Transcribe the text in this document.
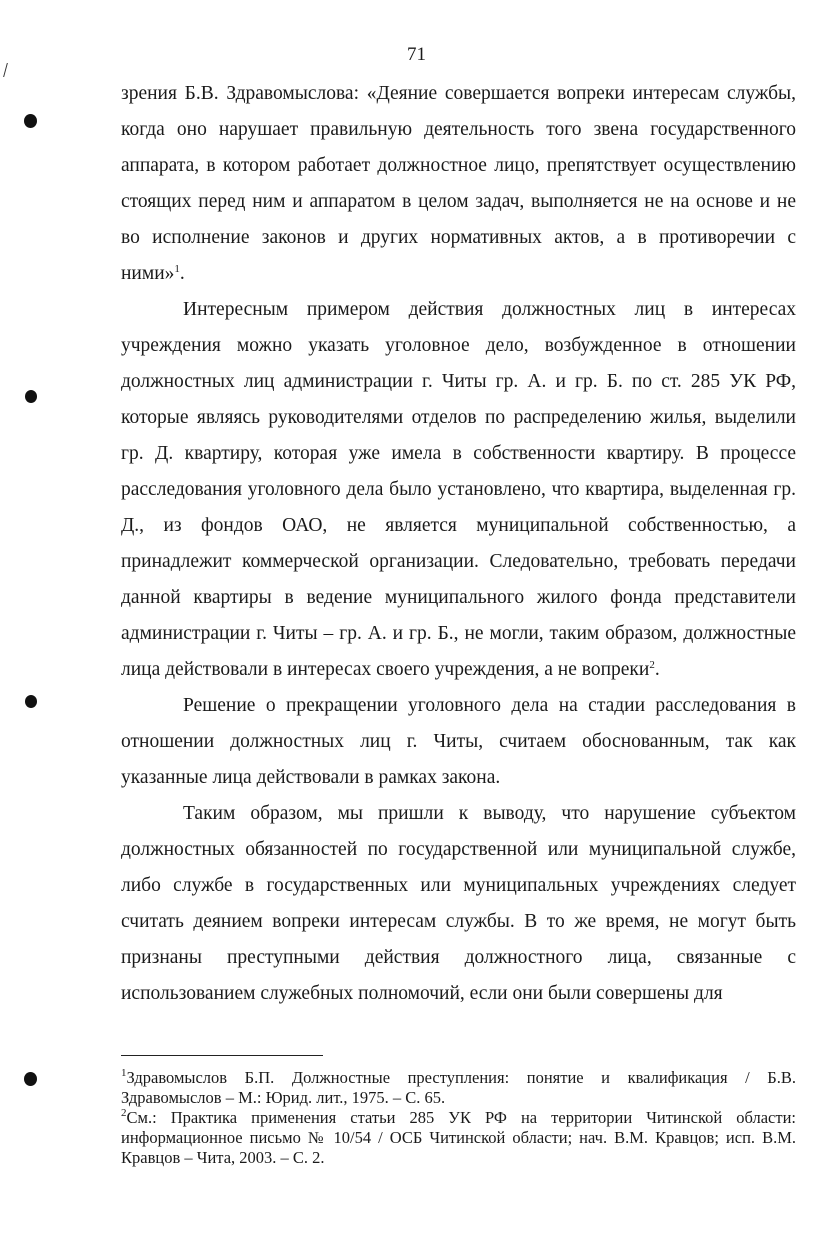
71
зрения Б.В. Здравомыслова: «Деяние совершается вопреки интересам службы,
когда оно нарушает правильную деятельность того звена государственного
аппарата, в котором работает должностное лицо, препятствует осуществлению
стоящих перед ним и аппаратом в целом задач, выполняется не на основе и не
во исполнение законов и других нормативных актов, а в противоречии с
ними»$^1$.
Интересным примером действия должностных лиц в интересах
учреждения можно указать уголовное дело, возбужденное в отношении
должностных лиц администрации г. Читы гр. А. и гр. Б. по ст. 285 УК РФ,
которые являясь руководителями отделов по распределению жилья, выделили
гр. Д. квартиру, которая уже имела в собственности квартиру. В процессе
расследования уголовного дела было установлено, что квартира, выделенная гр.
Д., из фондов ОАО, не является муниципальной собственностью, а
принадлежит коммерческой организации. Следовательно, требовать передачи
данной квартиры в ведение муниципального жилого фонда представители
администрации г. Читы – гр. А. и гр. Б., не могли, таким образом, должностные
лица действовали в интересах своего учреждения, а не вопреки$^2$.
Решение о прекращении уголовного дела на стадии расследования в
отношении должностных лиц г. Читы, считаем обоснованным, так как
указанные лица действовали в рамках закона.
Таким образом, мы пришли к выводу, что нарушение субъектом
должностных обязанностей по государственной или муниципальной службе,
либо службе в государственных или муниципальных учреждениях следует
считать деянием вопреки интересам службы. В то же время, не могут быть
признаны преступными действия должностного лица, связанные с
использованием служебных полномочий, если они были совершены для
$^1$Здравомыслов Б.П. Должностные преступления: понятие и квалификация / Б.В.
Здравомыслов – М.: Юрид. лит., 1975. – С. 65.
$^2$См.: Практика применения статьи 285 УК РФ на территории Читинской области:
информационное письмо № 10/54 / ОСБ Читинской области; нач. В.М. Кравцов; исп. В.М.
Кравцов – Чита, 2003. – С. 2.
